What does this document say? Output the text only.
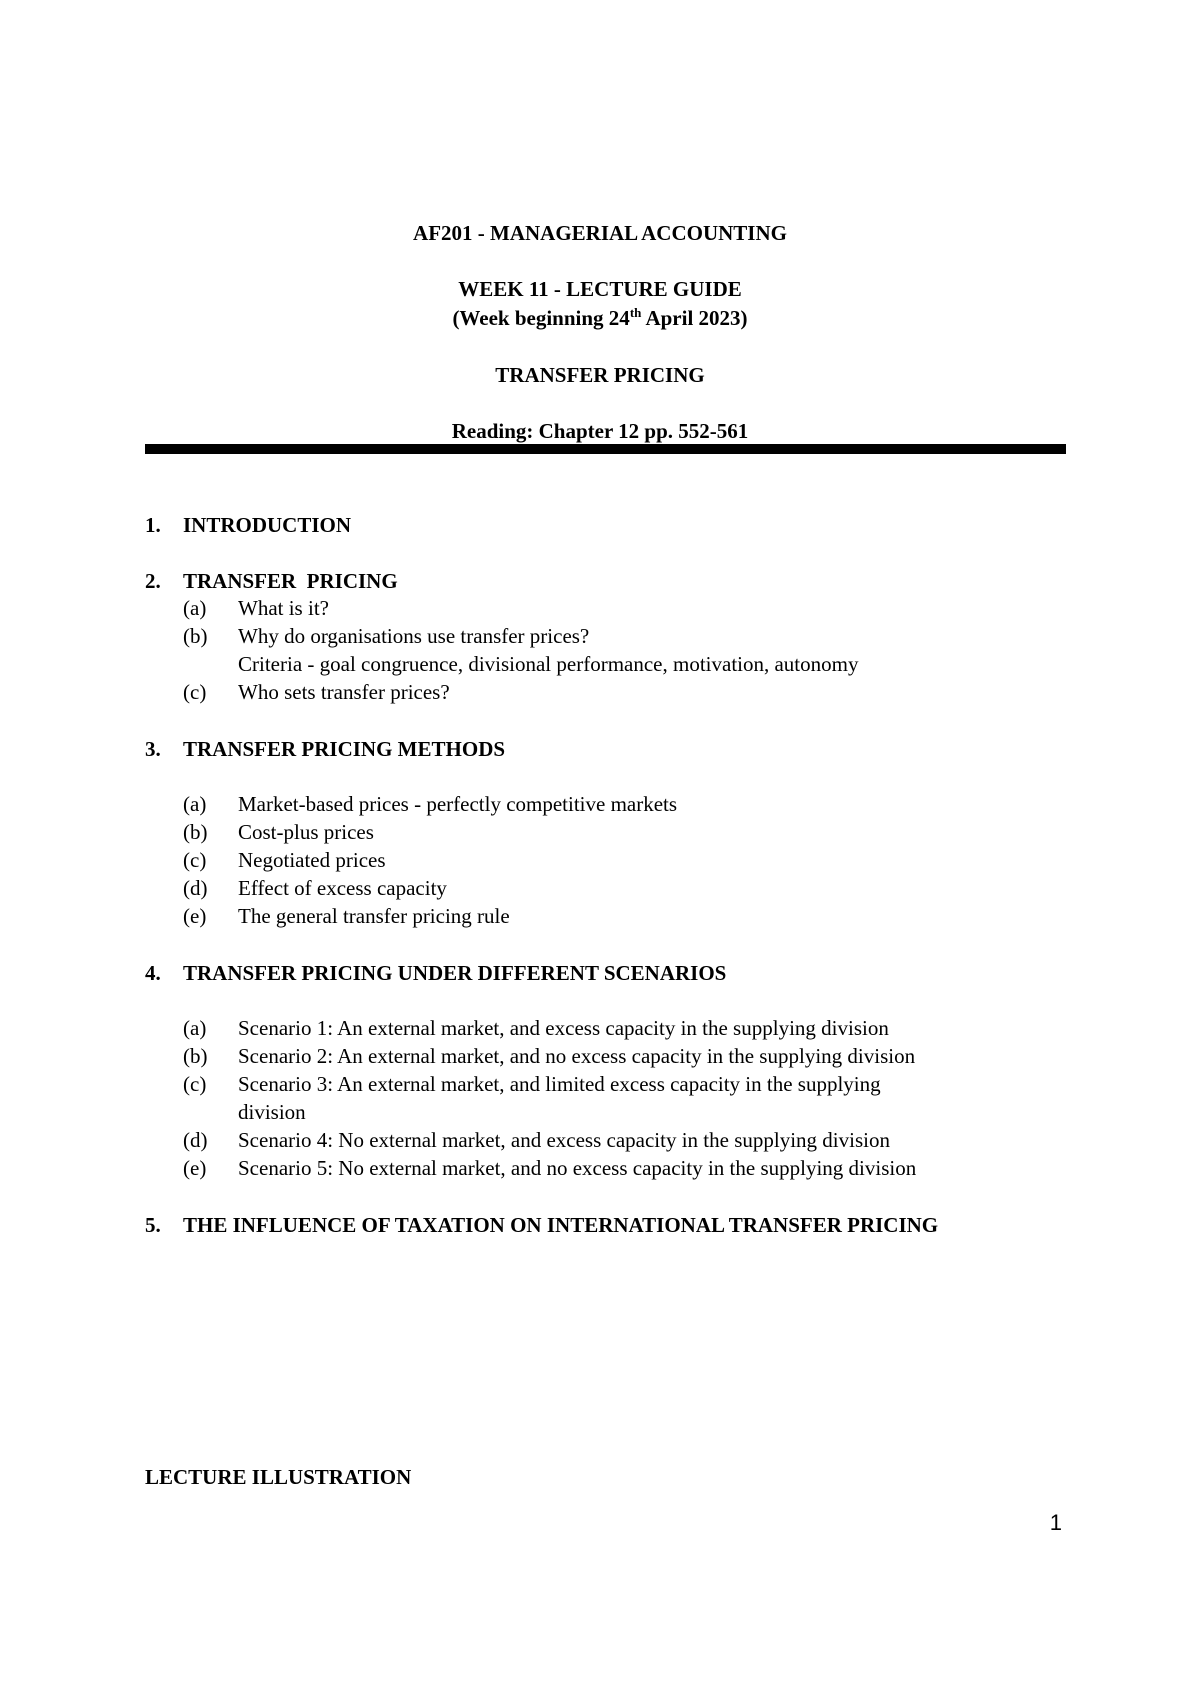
AF201 - MANAGERIAL ACCOUNTING
WEEK 11 - LECTURE GUIDE
(Week beginning 24th April 2023)
TRANSFER PRICING
Reading: Chapter 12 pp. 552-561
1. INTRODUCTION
2. TRANSFER  PRICING
(a) What is it?
(b) Why do organisations use transfer prices?
Criteria - goal congruence, divisional performance, motivation, autonomy
(c) Who sets transfer prices?
3. TRANSFER PRICING METHODS
(a) Market-based prices - perfectly competitive markets
(b) Cost-plus prices
(c) Negotiated prices
(d) Effect of excess capacity
(e) The general transfer pricing rule
4. TRANSFER PRICING UNDER DIFFERENT SCENARIOS
(a) Scenario 1: An external market, and excess capacity in the supplying division
(b) Scenario 2: An external market, and no excess capacity in the supplying division
(c) Scenario 3: An external market, and limited excess capacity in the supplying
division
(d) Scenario 4: No external market, and excess capacity in the supplying division
(e) Scenario 5: No external market, and no excess capacity in the supplying division
5. THE INFLUENCE OF TAXATION ON INTERNATIONAL TRANSFER PRICING
LECTURE ILLUSTRATION
1
